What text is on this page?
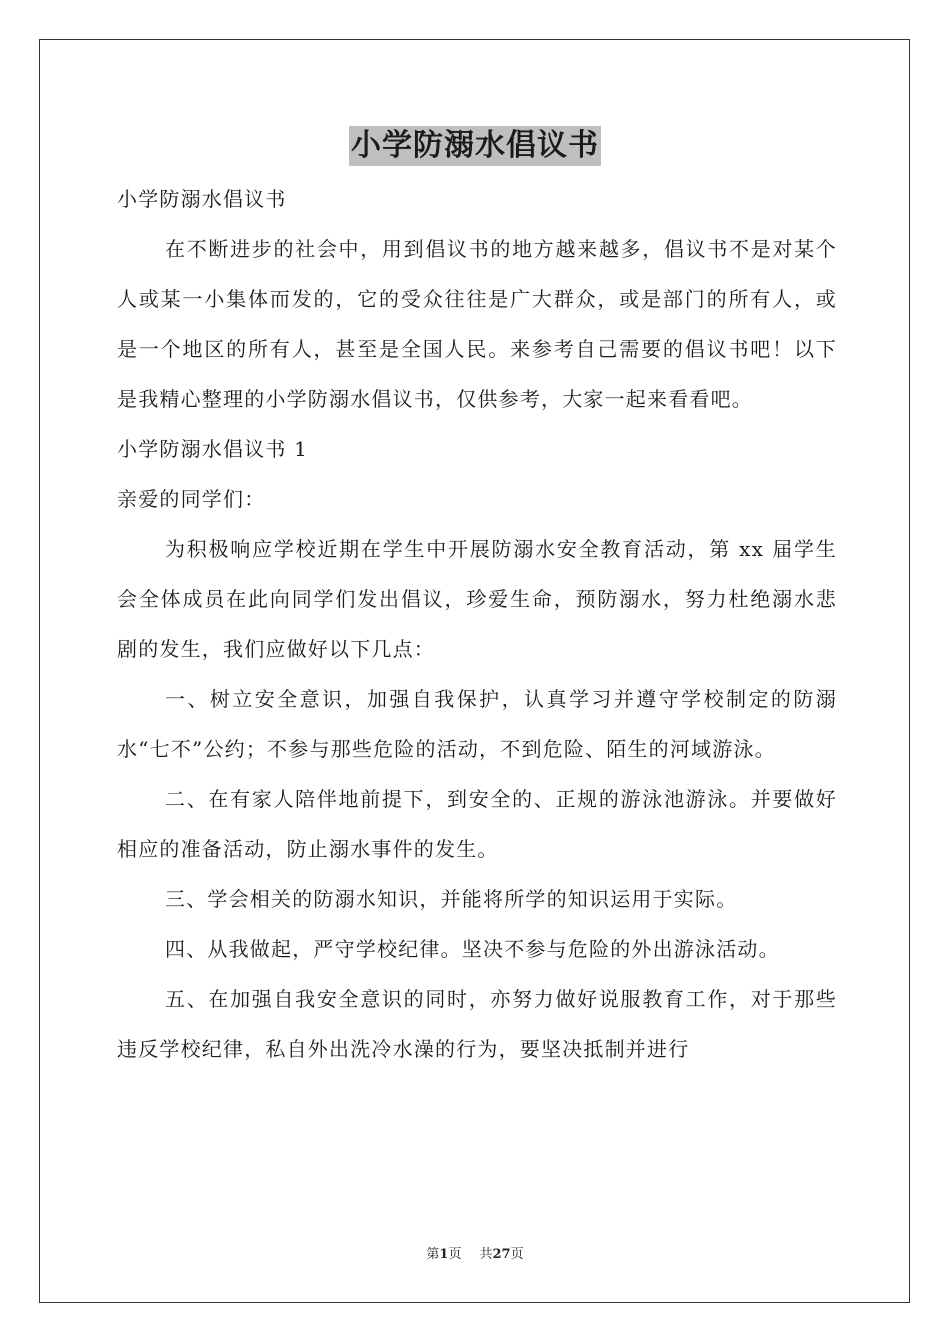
小学防溺水倡议书

小学防溺水倡议书

在不断进步的社会中，用到倡议书的地方越来越多，倡议书不是对某个人或某一小集体而发的，它的受众往往是广大群众，或是部门的所有人，或是一个地区的所有人，甚至是全国人民。来参考自己需要的倡议书吧！以下是我精心整理的小学防溺水倡议书，仅供参考，大家一起来看看吧。

小学防溺水倡议书 1

亲爱的同学们：

为积极响应学校近期在学生中开展防溺水安全教育活动，第 xx 届学生会全体成员在此向同学们发出倡议，珍爱生命，预防溺水，努力杜绝溺水悲剧的发生，我们应做好以下几点：

一、树立安全意识，加强自我保护，认真学习并遵守学校制定的防溺水“七不”公约；不参与那些危险的活动，不到危险、陌生的河域游泳。

二、在有家人陪伴地前提下，到安全的、正规的游泳池游泳。并要做好相应的准备活动，防止溺水事件的发生。

三、学会相关的防溺水知识，并能将所学的知识运用于实际。

四、从我做起，严守学校纪律。坚决不参与危险的外出游泳活动。

五、在加强自我安全意识的同时，亦努力做好说服教育工作，对于那些违反学校纪律，私自外出洗冷水澡的行为，要坚决抵制并进行

第1页 共27页
